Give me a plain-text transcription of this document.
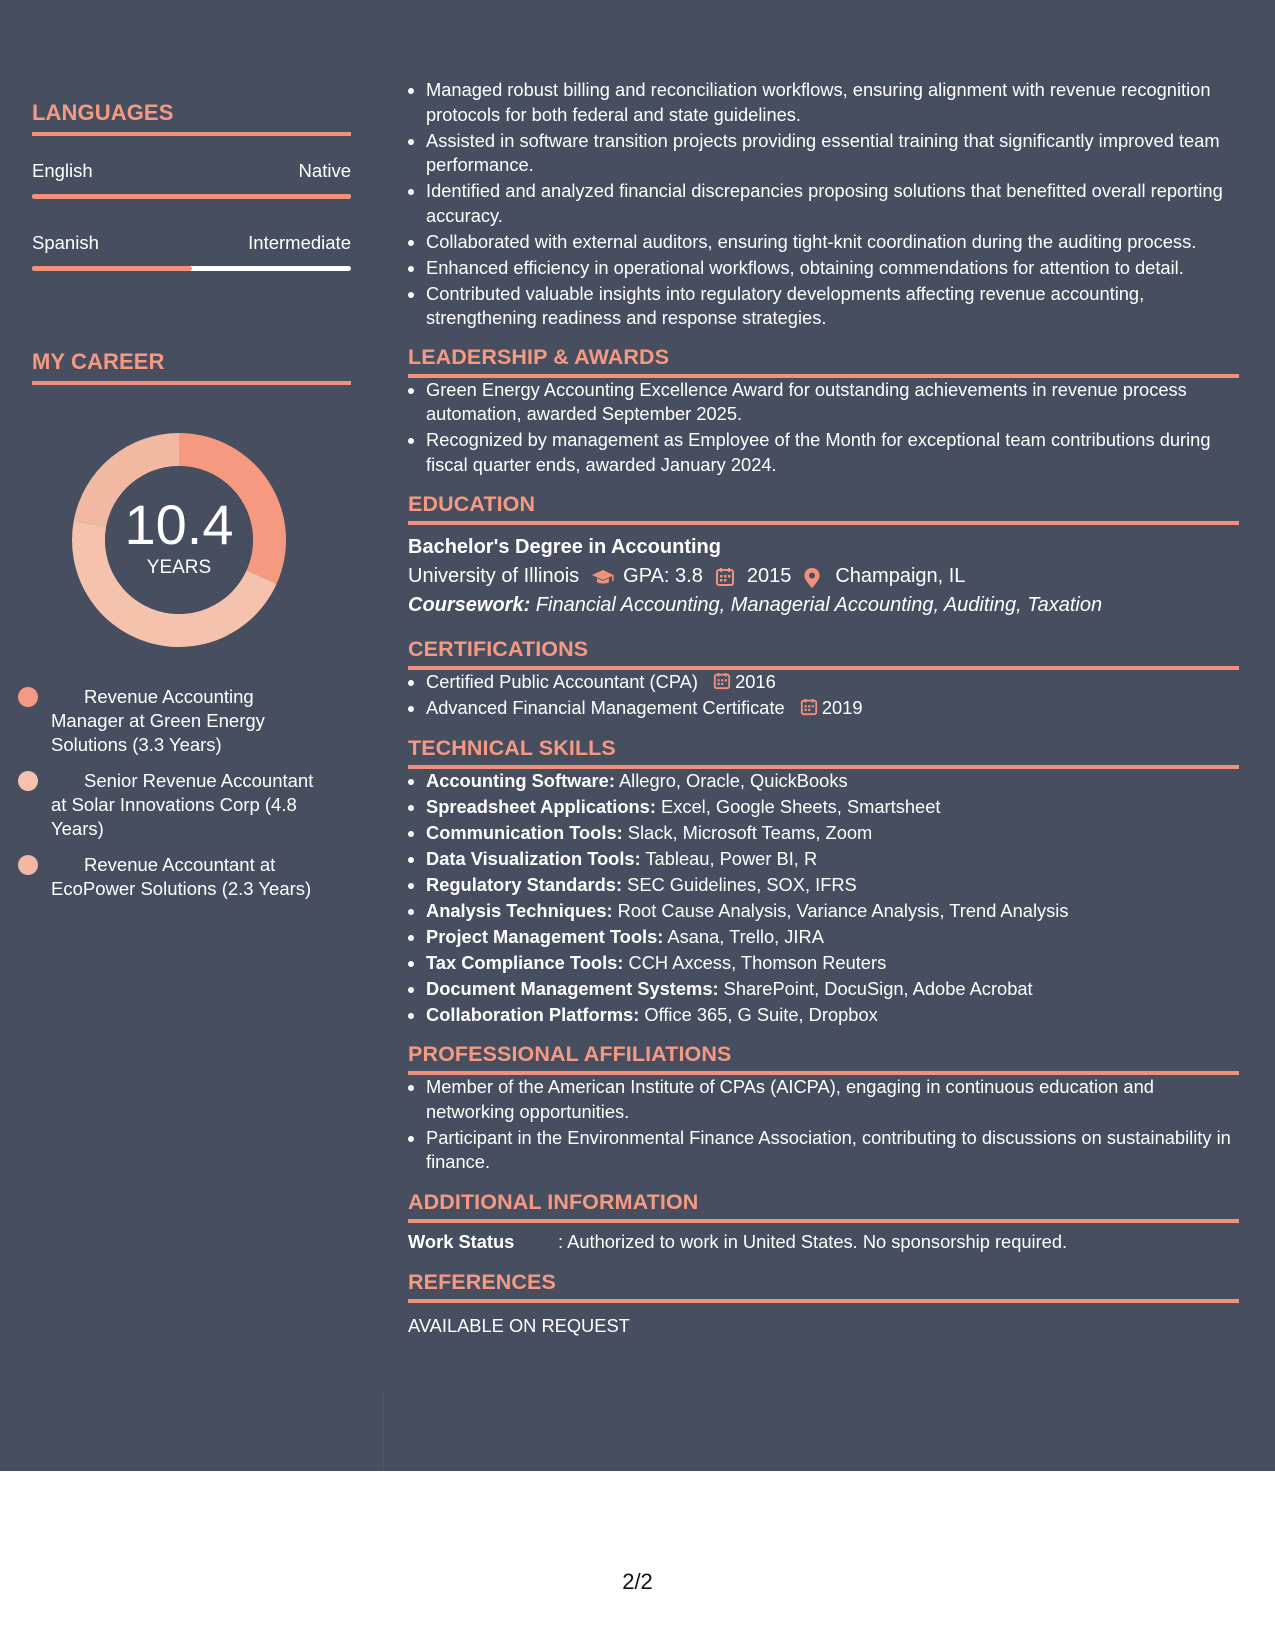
LANGUAGES
English	Native
Spanish	Intermediate
MY CAREER
10.4
YEARS
Revenue Accounting Manager at Green Energy Solutions (3.3 Years)
Senior Revenue Accountant at Solar Innovations Corp (4.8 Years)
Revenue Accountant at EcoPower Solutions (2.3 Years)
• Managed robust billing and reconciliation workflows, ensuring alignment with revenue recognition protocols for both federal and state guidelines.
• Assisted in software transition projects providing essential training that significantly improved team performance.
• Identified and analyzed financial discrepancies proposing solutions that benefitted overall reporting accuracy.
• Collaborated with external auditors, ensuring tight-knit coordination during the auditing process.
• Enhanced efficiency in operational workflows, obtaining commendations for attention to detail.
• Contributed valuable insights into regulatory developments affecting revenue accounting, strengthening readiness and response strategies.
LEADERSHIP & AWARDS
• Green Energy Accounting Excellence Award for outstanding achievements in revenue process automation, awarded September 2025.
• Recognized by management as Employee of the Month for exceptional team contributions during fiscal quarter ends, awarded January 2024.
EDUCATION
Bachelor's Degree in Accounting
University of Illinois GPA: 3.8 2015 Champaign, IL
Coursework: Financial Accounting, Managerial Accounting, Auditing, Taxation
CERTIFICATIONS
• Certified Public Accountant (CPA) 2016
• Advanced Financial Management Certificate 2019
TECHNICAL SKILLS
• Accounting Software: Allegro, Oracle, QuickBooks
• Spreadsheet Applications: Excel, Google Sheets, Smartsheet
• Communication Tools: Slack, Microsoft Teams, Zoom
• Data Visualization Tools: Tableau, Power BI, R
• Regulatory Standards: SEC Guidelines, SOX, IFRS
• Analysis Techniques: Root Cause Analysis, Variance Analysis, Trend Analysis
• Project Management Tools: Asana, Trello, JIRA
• Tax Compliance Tools: CCH Axcess, Thomson Reuters
• Document Management Systems: SharePoint, DocuSign, Adobe Acrobat
• Collaboration Platforms: Office 365, G Suite, Dropbox
PROFESSIONAL AFFILIATIONS
• Member of the American Institute of CPAs (AICPA), engaging in continuous education and networking opportunities.
• Participant in the Environmental Finance Association, contributing to discussions on sustainability in finance.
ADDITIONAL INFORMATION
Work Status	: Authorized to work in United States. No sponsorship required.
REFERENCES
AVAILABLE ON REQUEST
2/2
